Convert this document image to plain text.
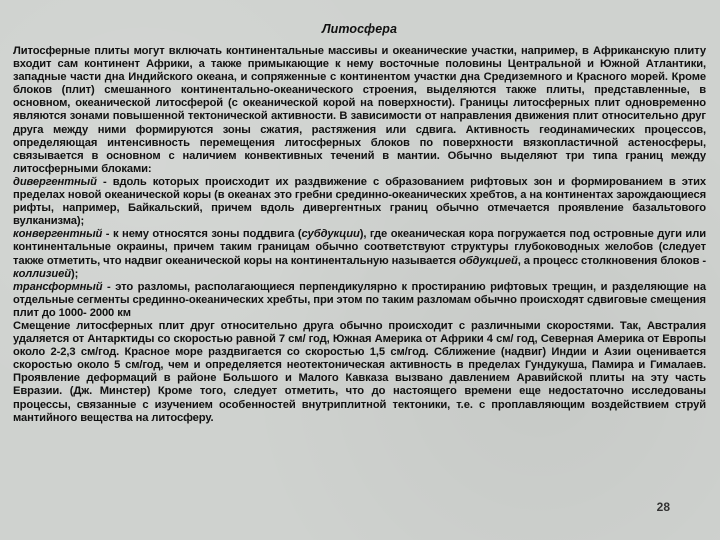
Литосфера

Литосферные плиты могут включать континентальные массивы и океанические участки, например, в Африканскую плиту входит сам континент Африки, а также примыкающие к нему восточные половины Центральной и Южной Атлантики, западные части дна Индийского океана, и сопряженные с континентом участки дна Средиземного и Красного морей. Кроме блоков (плит) смешанного континентально-океанического строения, выделяются также плиты, представленные, в основном, океанической литосферой (с океанической корой на поверхности). Границы литосферных плит одновременно являются зонами повышенной тектонической активности. В зависимости от направления движения плит относительно друг друга между ними формируются зоны сжатия, растяжения или сдвига. Активность геодинамических процессов, определяющая интенсивность перемещения литосферных блоков по поверхности вязкопластичной астеносферы, связывается в основном с наличием конвективных течений в мантии. Обычно выделяют три типа границ между литосферными блоками:

дивергентный - вдоль которых происходит их раздвижение с образованием рифтовых зон и формированием в этих пределах новой океанической коры (в океанах это гребни срединно-океанических хребтов, а на континентах зарождающиеся рифты, например, Байкальский, причем вдоль дивергентных границ обычно отмечается проявление базальтового вулканизма);

конвергентный - к нему относятся зоны поддвига (субдукции), где океаническая кора погружается под островные дуги или континентальные окраины, причем таким границам обычно соответствуют структуры глубоководных желобов (следует также отметить, что надвиг океанической коры на континентальную называется обдукцией, а процесс столкновения блоков - коллизией);

трансформный - это разломы, располагающиеся перпендикулярно к простиранию рифтовых трещин, и разделяющие на отдельные сегменты срединно-океанических хребты, при этом по таким разломам обычно происходят сдвиговые смещения плит до 1000- 2000 км

Смещение литосферных плит друг относительно друга обычно происходит с различными скоростями. Так, Австралия удаляется от Антарктиды со скоростью равной 7 см/ год, Южная Америка от Африки 4 см/ год, Северная Америка от Европы около 2-2,3 см/год. Красное море раздвигается со скоростью 1,5 см/год. Сближение (надвиг) Индии и Азии оценивается скоростью около 5 см/год, чем и определяется неотектоническая активность в пределах Гундукуша, Памира и Гималаев. Проявление деформаций в районе Большого и Малого Кавказа вызвано давлением Аравийской плиты на эту часть Евразии. (Дж. Минстер) Кроме того, следует отметить, что до настоящего времени еще недостаточно исследованы процессы, связанные с изучением особенностей внутриплитной тектоники, т.е. с проплавляющим воздействием струй мантийного вещества на литосферу.

28
